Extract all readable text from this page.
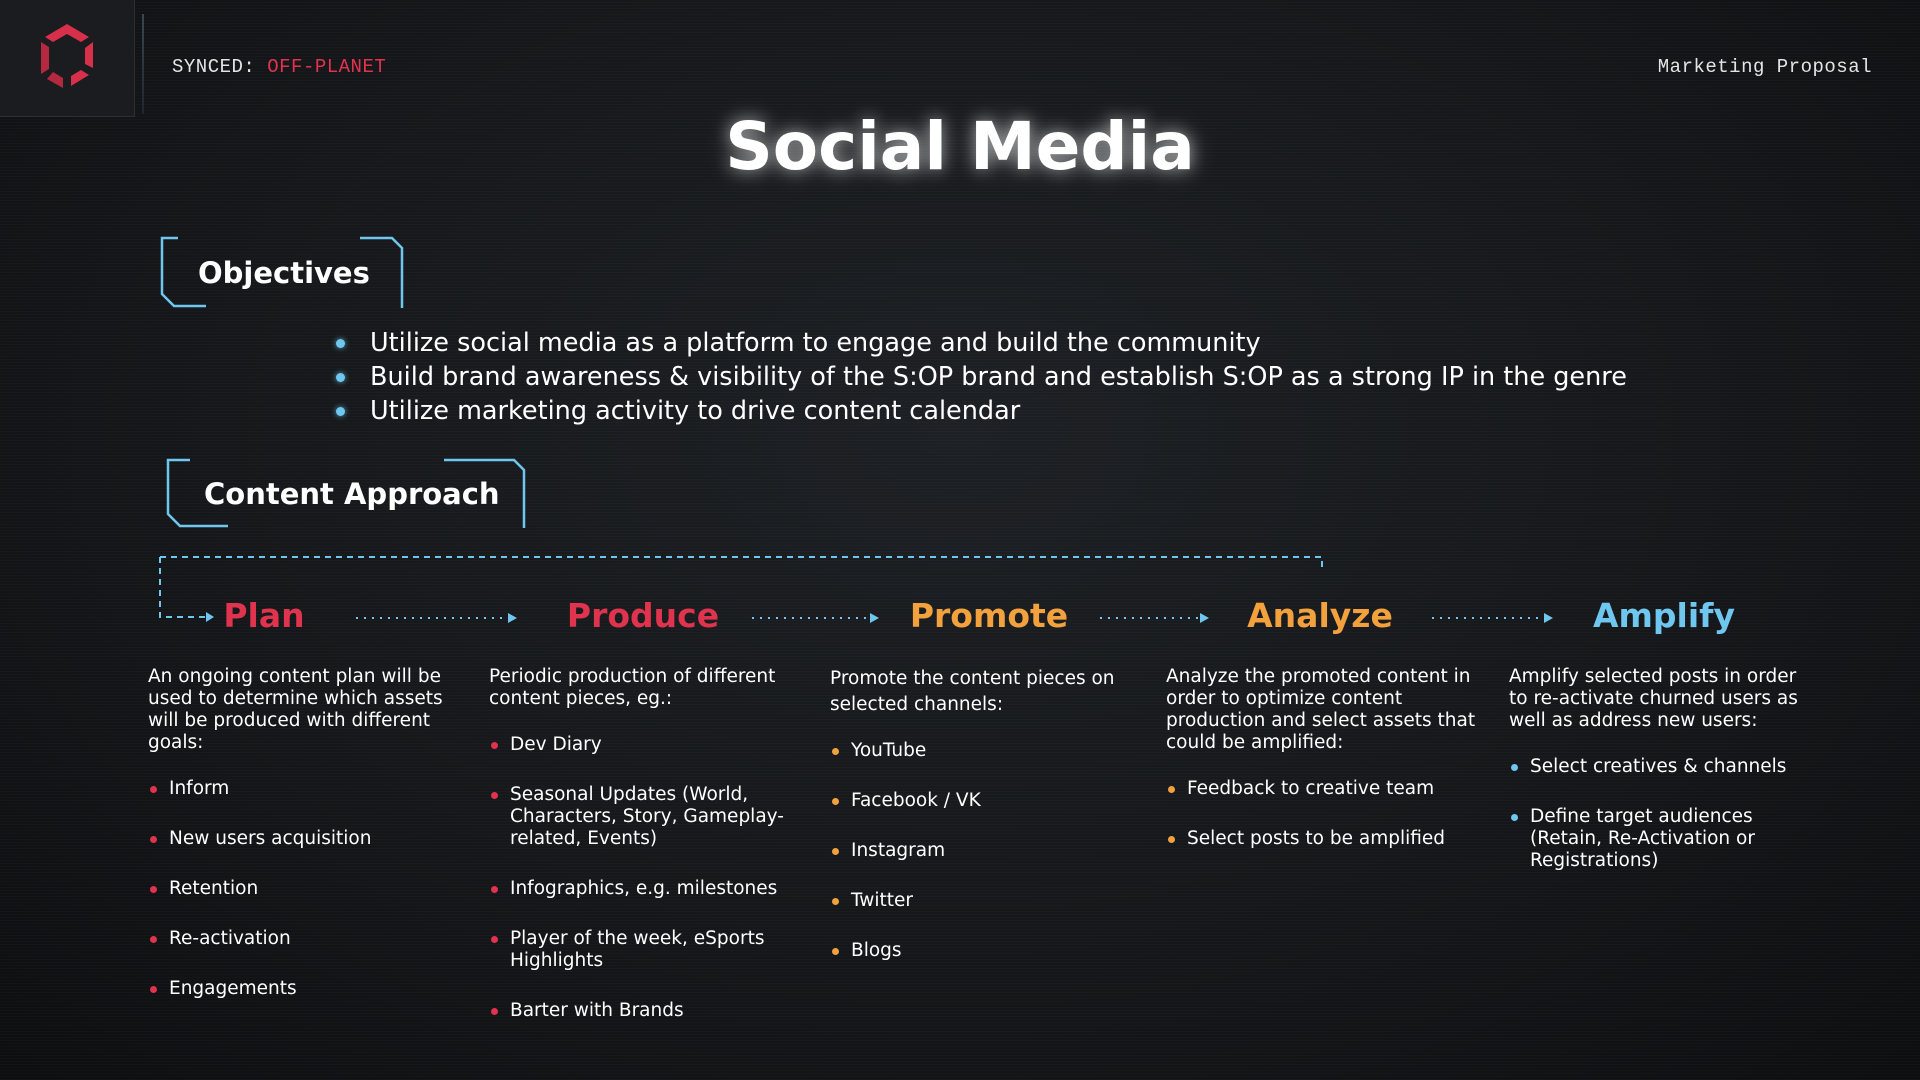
SYNCED: OFF-PLANET	Marketing Proposal
Social Media
Objectives
Utilize social media as a platform to engage and build the community
Build brand awareness & visibility of the S:OP brand and establish S:OP as a strong IP in the genre
Utilize marketing activity to drive content calendar
Content Approach
Plan	Produce	Promote	Analyze	Amplify

An ongoing content plan will be used to determine which assets will be produced with different goals:

Inform
New users acquisition
Retention
Re-activation
Engagements

Periodic production of different content pieces, eg.:

Dev Diary
Seasonal Updates (World, Characters, Story, Gameplay-related, Events)
Infographics, e.g. milestones
Player of the week, eSports Highlights
Barter with Brands

Promote the content pieces on selected channels:

YouTube
Facebook / VK
Instagram
Twitter
Blogs

Analyze the promoted content in order to optimize content production and select assets that could be amplified:

Feedback to creative team
Select posts to be amplified

Amplify selected posts in order to re-activate churned users as well as address new users:

Select creatives & channels
Define target audiences (Retain, Re-Activation or Registrations)
